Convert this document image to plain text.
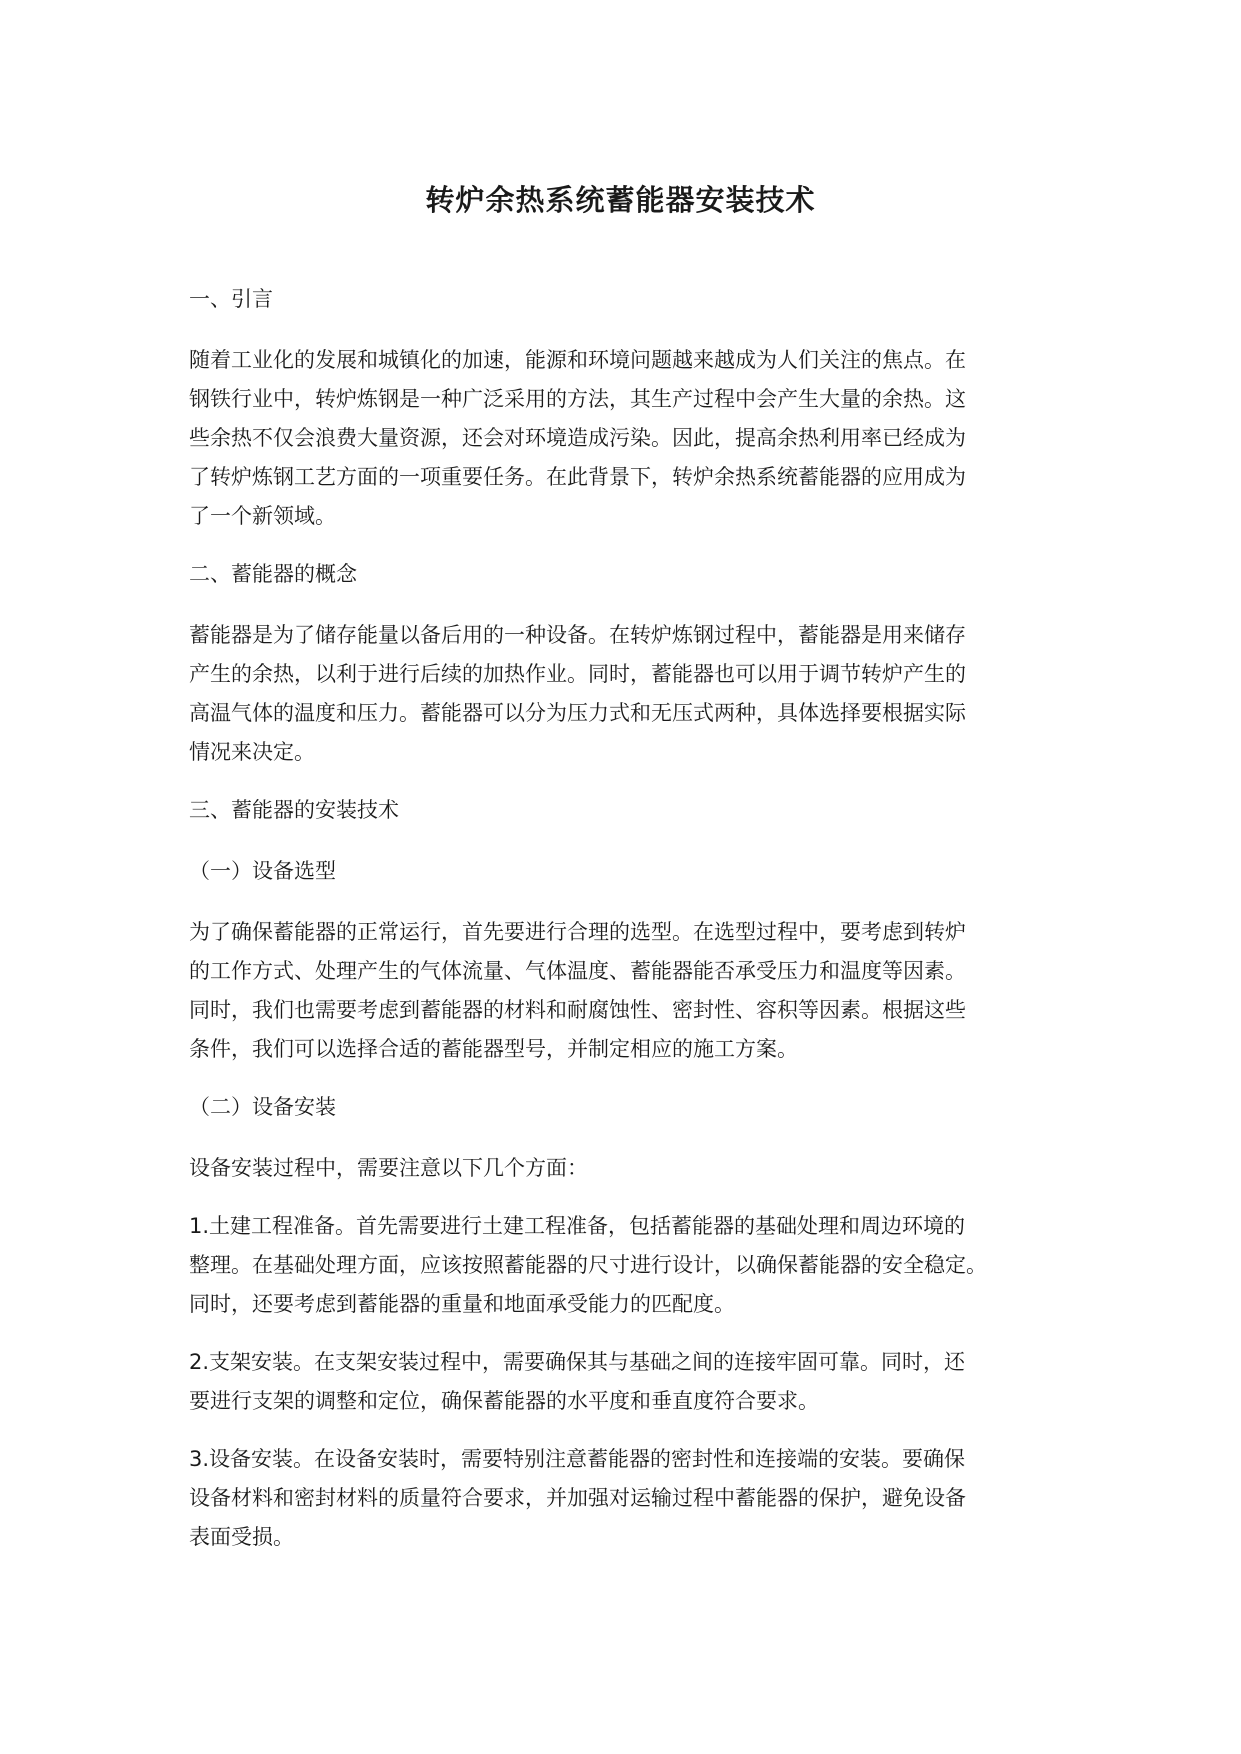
转炉余热系统蓄能器安装技术

一、引言

随着工业化的发展和城镇化的加速，能源和环境问题越来越成为人们关注的焦点。在
钢铁行业中，转炉炼钢是一种广泛采用的方法，其生产过程中会产生大量的余热。这
些余热不仅会浪费大量资源，还会对环境造成污染。因此，提高余热利用率已经成为
了转炉炼钢工艺方面的一项重要任务。在此背景下，转炉余热系统蓄能器的应用成为
了一个新领域。

二、蓄能器的概念

蓄能器是为了储存能量以备后用的一种设备。在转炉炼钢过程中，蓄能器是用来储存
产生的余热，以利于进行后续的加热作业。同时，蓄能器也可以用于调节转炉产生的
高温气体的温度和压力。蓄能器可以分为压力式和无压式两种，具体选择要根据实际
情况来决定。

三、蓄能器的安装技术

（一）设备选型

为了确保蓄能器的正常运行，首先要进行合理的选型。在选型过程中，要考虑到转炉
的工作方式、处理产生的气体流量、气体温度、蓄能器能否承受压力和温度等因素。
同时，我们也需要考虑到蓄能器的材料和耐腐蚀性、密封性、容积等因素。根据这些
条件，我们可以选择合适的蓄能器型号，并制定相应的施工方案。

（二）设备安装

设备安装过程中，需要注意以下几个方面：

1.土建工程准备。首先需要进行土建工程准备，包括蓄能器的基础处理和周边环境的
整理。在基础处理方面，应该按照蓄能器的尺寸进行设计，以确保蓄能器的安全稳定。
同时，还要考虑到蓄能器的重量和地面承受能力的匹配度。

2.支架安装。在支架安装过程中，需要确保其与基础之间的连接牢固可靠。同时，还
要进行支架的调整和定位，确保蓄能器的水平度和垂直度符合要求。

3.设备安装。在设备安装时，需要特别注意蓄能器的密封性和连接端的安装。要确保
设备材料和密封材料的质量符合要求，并加强对运输过程中蓄能器的保护，避免设备
表面受损。
